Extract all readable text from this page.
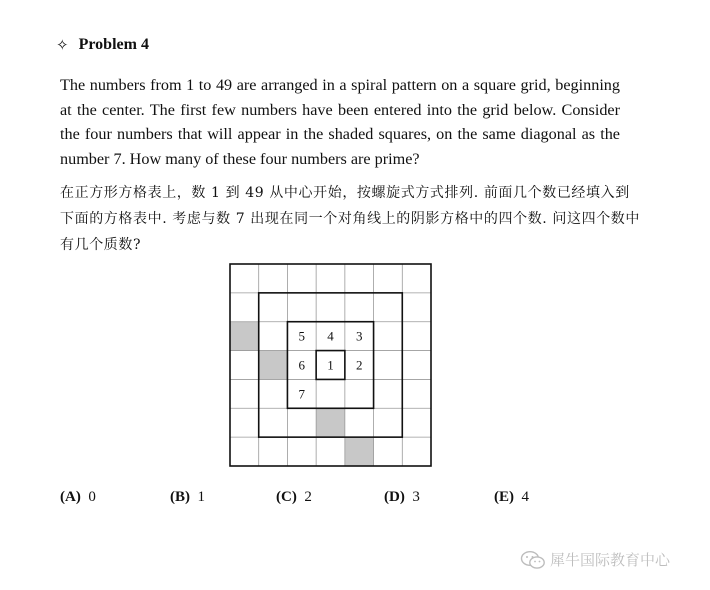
✧ Problem 4
The numbers from 1 to 49 are arranged in a spiral pattern on a square grid, beginning at the center. The first few numbers have been entered into the grid below. Consider the four numbers that will appear in the shaded squares, on the same diagonal as the number 7. How many of these four numbers are prime?
在正方形方格表上，数 1 到 49 从中心开始，按螺旋式方式排列. 前面几个数已经填入到下面的方格表中. 考虑与数 7 出现在同一个对角线上的阴影方格中的四个数. 问这四个数中有几个质数?
5 4 3
6 1 2
7
(A) 0	(B) 1	(C) 2	(D) 3	(E) 4
犀牛国际教育中心
